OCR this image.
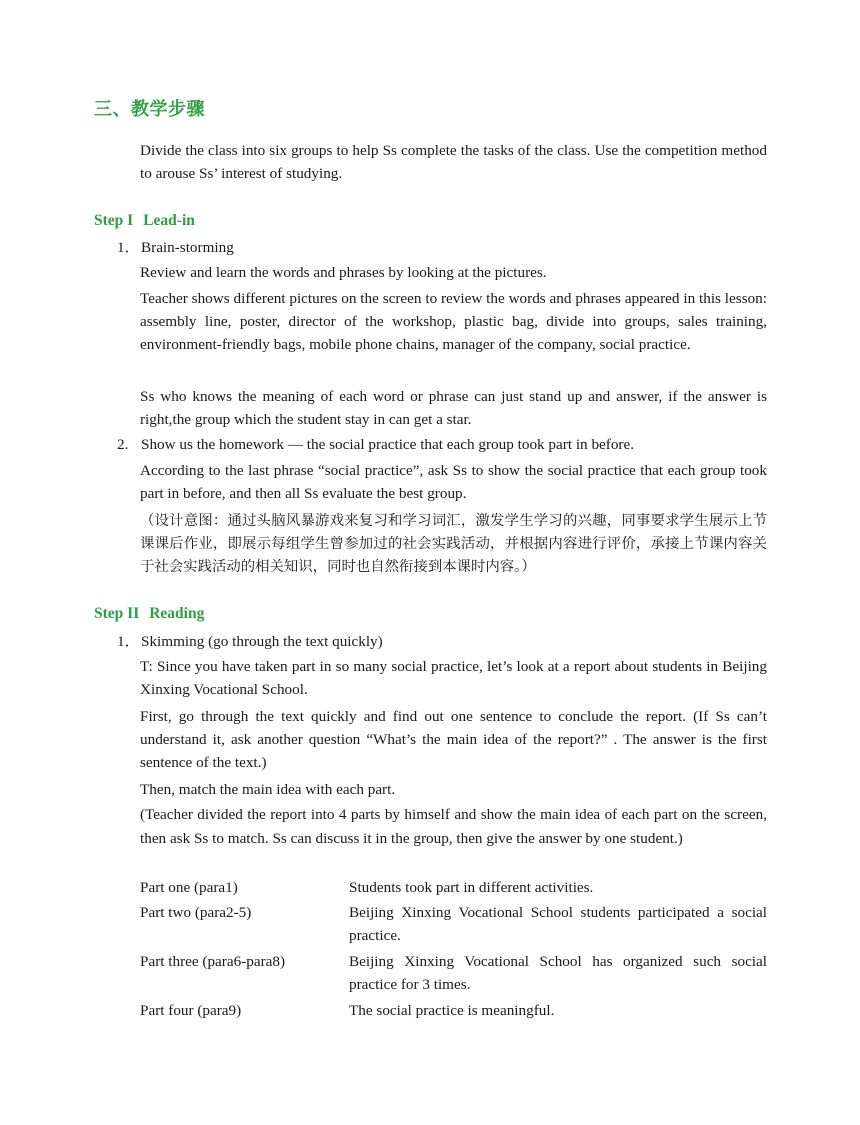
三、教学步骤
Divide the class into six groups to help Ss complete the tasks of the class. Use the competition method to arouse Ss’ interest of studying.
Step I Lead-in
1．Brain-storming
Review and learn the words and phrases by looking at the pictures.
Teacher shows different pictures on the screen to review the words and phrases appeared in this lesson: assembly line, poster, director of the workshop, plastic bag, divide into groups, sales training, environment-friendly bags, mobile phone chains, manager of the company, social practice.
Ss who knows the meaning of each word or phrase can just stand up and answer, if the answer is right,the group which the student stay in can get a star.
2. Show us the homework — the social practice that each group took part in before.
According to the last phrase “social practice”, ask Ss to show the social practice that each group took part in before, and then all Ss evaluate the best group.
（设计意图：通过头脑风暴游戏来复习和学习词汇，激发学生学习的兴趣，同事要求学生展示上节课课后作业，即展示每组学生曾参加过的社会实践活动，并根据内容进行评价，承接上节课内容关于社会实践活动的相关知识，同时也自然衔接到本课时内容。）
Step II Reading
1．Skimming (go through the text quickly)
T: Since you have taken part in so many social practice, let’s look at a report about students in Beijing Xinxing Vocational School.
First, go through the text quickly and find out one sentence to conclude the report. (If Ss can’t understand it, ask another question “What’s the main idea of the report?” . The answer is the first sentence of the text.)
Then, match the main idea with each part.
(Teacher divided the report into 4 parts by himself and show the main idea of each part on the screen, then ask Ss to match. Ss can discuss it in the group, then give the answer by one student.)
Part one (para1)	Students took part in different activities.
Part two (para2-5)	Beijing Xinxing Vocational School students participated a social practice.
Part three (para6-para8)	Beijing Xinxing Vocational School has organized such social practice for 3 times.
Part four (para9)	The social practice is meaningful.
